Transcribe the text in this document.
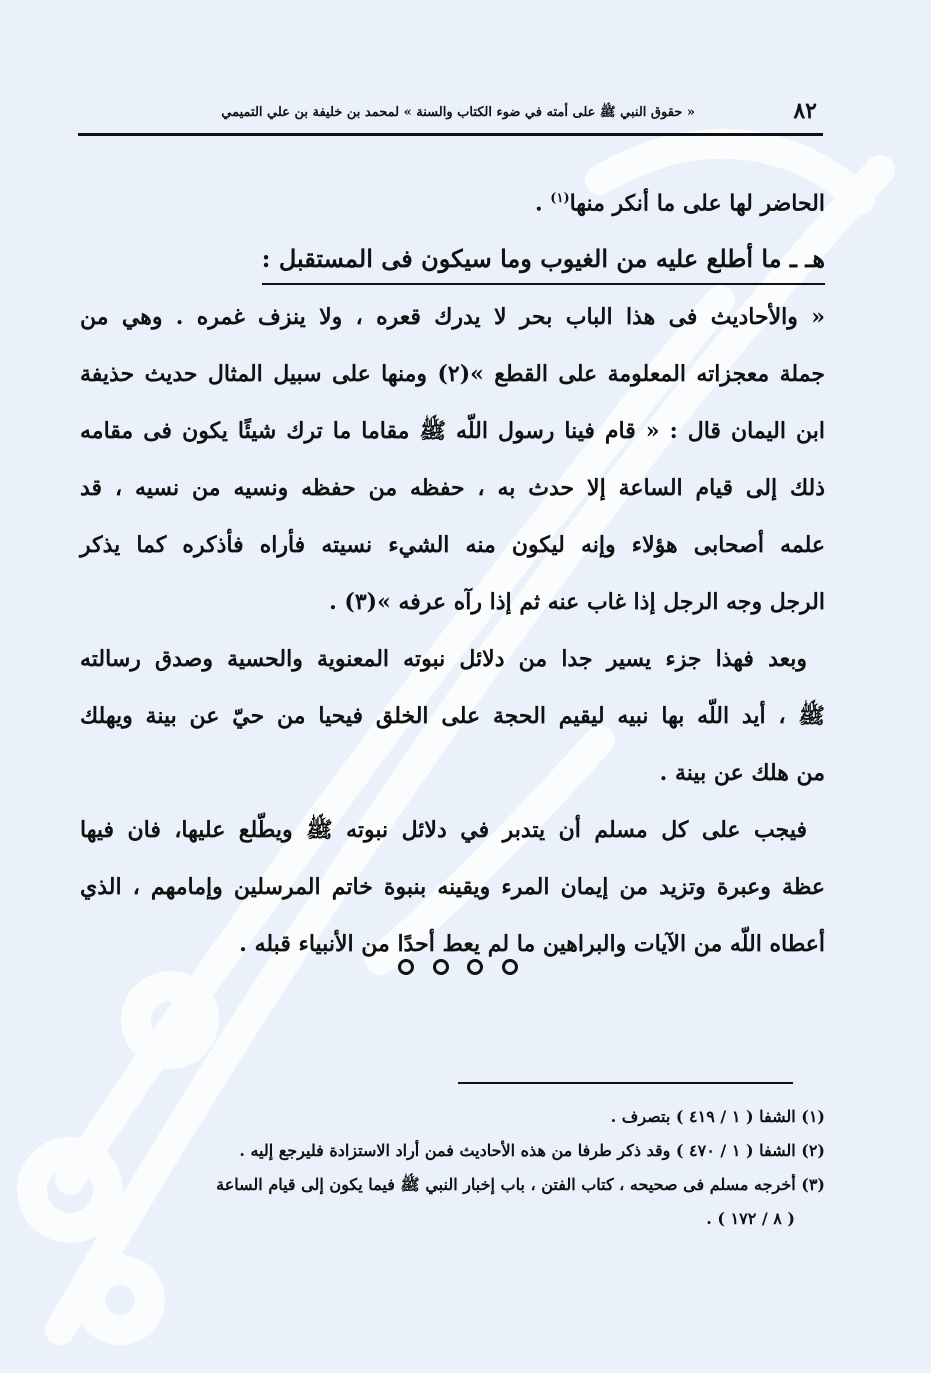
٨٢
« حقوق النبي ﷺ على أمته في ضوء الكتاب والسنة » لمحمد بن خليفة بن علي التميمي
الحاضر لها على ما أنكر منها$^{(١)}$ .
هـ ـ ما أطلع عليه من الغيوب وما سيكون فى المستقبل :
« والأحاديث فى هذا الباب بحر لا يدرك قعره ، ولا ينزف غمره . وهي من
جملة معجزاته المعلومة على القطع »(٢) ومنها على سبيل المثال حديث حذيفة
ابن اليمان قال : « قام فينا رسول اللّه ﷺ مقاما ما ترك شيئًا يكون فى مقامه
ذلك إلى قيام الساعة إلا حدث به ، حفظه من حفظه ونسيه من نسيه ، قد
علمه أصحابى هؤلاء وإنه ليكون منه الشيء نسيته فأراه فأذكره كما يذكر
الرجل وجه الرجل إذا غاب عنه ثم إذا رآه عرفه »(٣) .
وبعد فهذا جزء يسير جدا من دلائل نبوته المعنوية والحسية وصدق رسالته
ﷺ ، أيد اللّه بها نبيه ليقيم الحجة على الخلق فيحيا من حيّ عن بينة ويهلك
من هلك عن بينة .
فيجب على كل مسلم أن يتدبر في دلائل نبوته ﷺ ويطّلع عليها، فان فيها
عظة وعبرة وتزيد من إيمان المرء ويقينه بنبوة خاتم المرسلين وإمامهم ، الذي
أعطاه اللّه من الآيات والبراهين ما لم يعط أحدًا من الأنبياء قبله .
(١) الشفا ( ١ / ٤١٩ ) بتصرف .
(٢) الشفا ( ١ / ٤٧٠ ) وقد ذكر طرفا من هذه الأحاديث فمن أراد الاستزادة فليرجع إليه .
(٣) أخرجه مسلم فى صحيحه ، كتاب الفتن ، باب إخبار النبي ﷺ فيما يكون إلى قيام الساعة
( ٨ / ١٧٢ ) .
